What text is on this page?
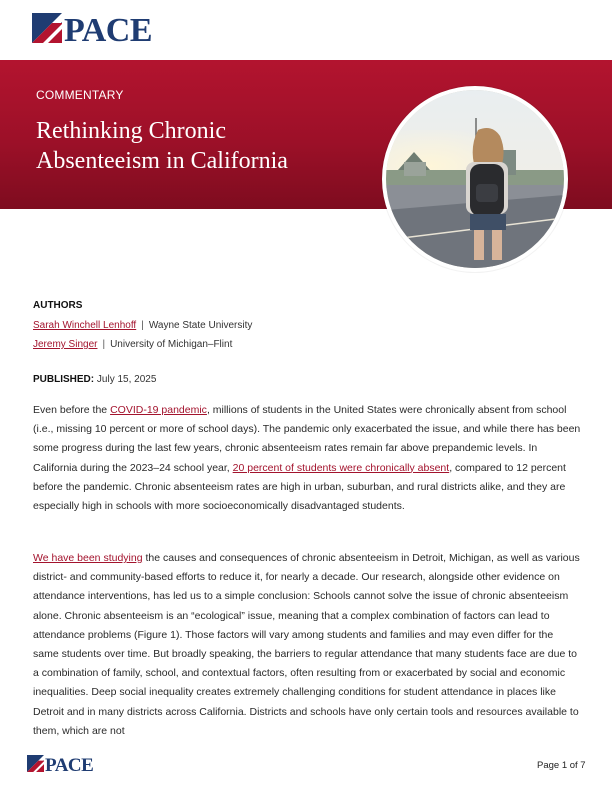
PACE
COMMENTARY
Rethinking Chronic
Absenteeism in California
AUTHORS
Sarah Winchell Lenhoff | Wayne State University
Jeremy Singer | University of Michigan–Flint
PUBLISHED: July 15, 2025

Even before the COVID-19 pandemic, millions of students in the United States were chronically absent from school (i.e., missing 10 percent or more of school days). The pandemic only exacerbated the issue, and while there has been some progress during the last few years, chronic absenteeism rates remain far above prepandemic levels. In California during the 2023–24 school year, 20 percent of students were chronically absent, compared to 12 percent before the pandemic. Chronic absenteeism rates are high in urban, suburban, and rural districts alike, and they are especially high in schools with more socioeconomically disadvantaged students.

We have been studying the causes and consequences of chronic absenteeism in Detroit, Michigan, as well as various district- and community-based efforts to reduce it, for nearly a decade. Our research, alongside other evidence on attendance interventions, has led us to a simple conclusion: Schools cannot solve the issue of chronic absenteeism alone. Chronic absenteeism is an “ecological” issue, meaning that a complex combination of factors can lead to attendance problems (Figure 1). Those factors will vary among students and families and may even differ for the same students over time. But broadly speaking, the barriers to regular attendance that many students face are due to a combination of family, school, and contextual factors, often resulting from or exacerbated by social and economic inequalities. Deep social inequality creates extremely challenging conditions for student attendance in places like Detroit and in many districts across California. Districts and schools have only certain tools and resources available to them, which are not

PACE	Page 1 of 7
